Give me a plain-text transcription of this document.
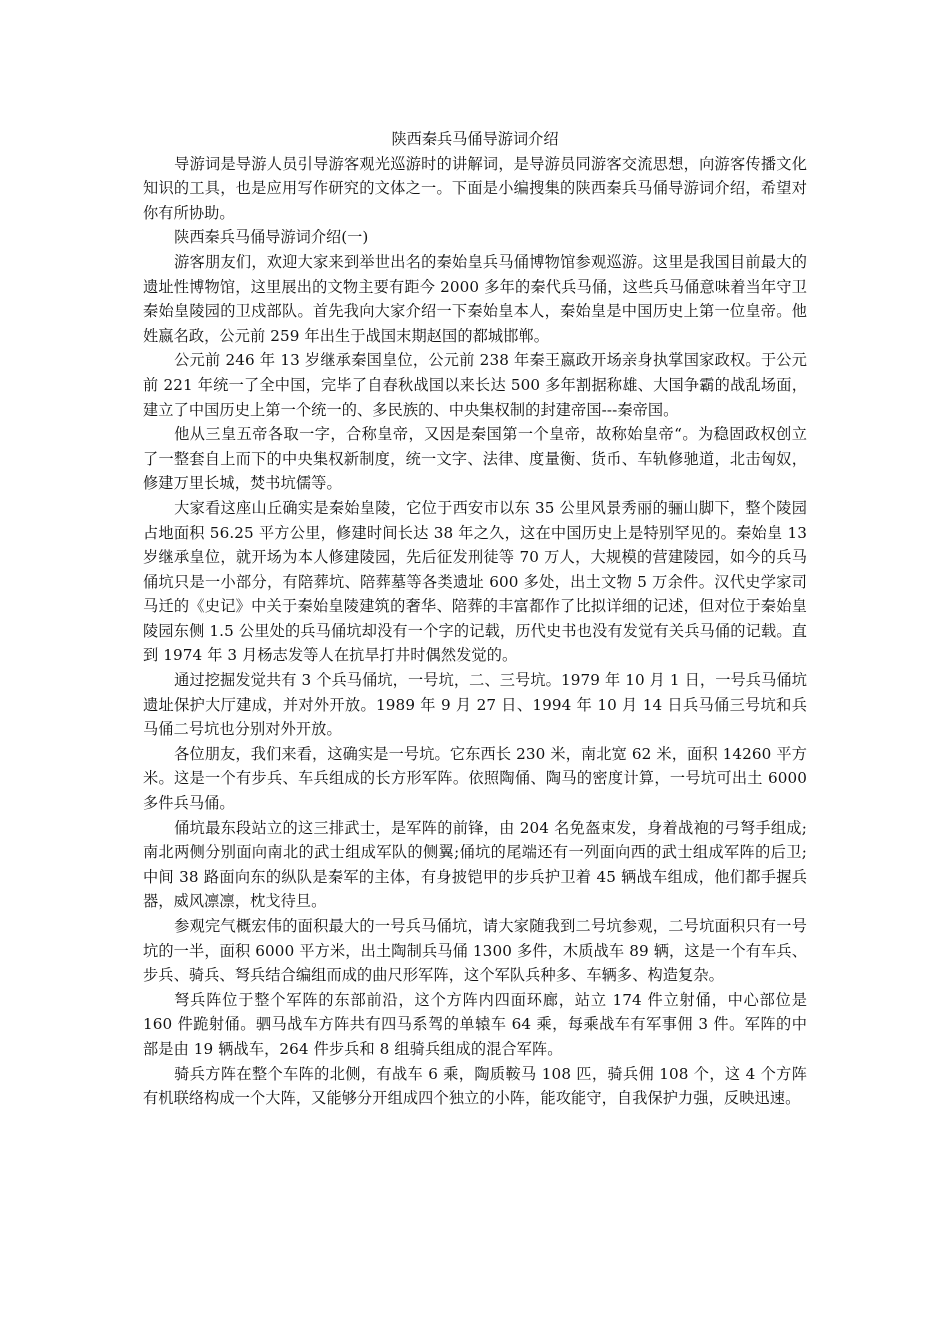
陕西秦兵马俑导游词介绍

导游词是导游人员引导游客观光巡游时的讲解词，是导游员同游客交流思想，向游客传播文化知识的工具，也是应用写作研究的文体之一。下面是小编搜集的陕西秦兵马俑导游词介绍，希望对你有所协助。

陕西秦兵马俑导游词介绍(一)

游客朋友们，欢迎大家来到举世出名的秦始皇兵马俑博物馆参观巡游。这里是我国目前最大的遗址性博物馆，这里展出的文物主要有距今 2000 多年的秦代兵马俑，这些兵马俑意味着当年守卫秦始皇陵园的卫戍部队。首先我向大家介绍一下秦始皇本人，秦始皇是中国历史上第一位皇帝。他姓嬴名政，公元前 259 年出生于战国末期赵国的都城邯郸。

公元前 246 年 13 岁继承秦国皇位，公元前 238 年秦王嬴政开场亲身执掌国家政权。于公元前 221 年统一了全中国，完毕了自春秋战国以来长达 500 多年割据称雄、大国争霸的战乱场面，建立了中国历史上第一个统一的、多民族的、中央集权制的封建帝国---秦帝国。

他从三皇五帝各取一字，合称皇帝，又因是秦国第一个皇帝，故称始皇帝“。为稳固政权创立了一整套自上而下的中央集权新制度，统一文字、法律、度量衡、货币、车轨修驰道，北击匈奴，修建万里长城，焚书坑儒等。

大家看这座山丘确实是秦始皇陵，它位于西安市以东 35 公里风景秀丽的骊山脚下，整个陵园占地面积 56.25 平方公里，修建时间长达 38 年之久，这在中国历史上是特别罕见的。秦始皇 13 岁继承皇位，就开场为本人修建陵园，先后征发刑徒等 70 万人，大规模的营建陵园，如今的兵马俑坑只是一小部分，有陪葬坑、陪葬墓等各类遗址 600 多处，出土文物 5 万余件。汉代史学家司马迁的《史记》中关于秦始皇陵建筑的奢华、陪葬的丰富都作了比拟详细的记述，但对位于秦始皇陵园东侧 1.5 公里处的兵马俑坑却没有一个字的记载，历代史书也没有发觉有关兵马俑的记载。直到 1974 年 3 月杨志发等人在抗旱打井时偶然发觉的。

通过挖掘发觉共有 3 个兵马俑坑，一号坑，二、三号坑。1979 年 10 月 1 日，一号兵马俑坑遗址保护大厅建成，并对外开放。1989 年 9 月 27 日、1994 年 10 月 14 日兵马俑三号坑和兵马俑二号坑也分别对外开放。

各位朋友，我们来看，这确实是一号坑。它东西长 230 米，南北宽 62 米，面积 14260 平方米。这是一个有步兵、车兵组成的长方形军阵。依照陶俑、陶马的密度计算，一号坑可出土 6000 多件兵马俑。

俑坑最东段站立的这三排武士，是军阵的前锋，由 204 名免盔束发，身着战袍的弓弩手组成;南北两侧分别面向南北的武士组成军队的侧翼;俑坑的尾端还有一列面向西的武士组成军阵的后卫;中间 38 路面向东的纵队是秦军的主体，有身披铠甲的步兵护卫着 45 辆战车组成，他们都手握兵器，威风凛凛，枕戈待旦。

参观完气概宏伟的面积最大的一号兵马俑坑，请大家随我到二号坑参观，二号坑面积只有一号坑的一半，面积 6000 平方米，出土陶制兵马俑 1300 多件，木质战车 89 辆，这是一个有车兵、步兵、骑兵、弩兵结合编组而成的曲尺形军阵，这个军队兵种多、车辆多、构造复杂。

弩兵阵位于整个军阵的东部前沿，这个方阵内四面环廊，站立 174 件立射俑，中心部位是 160 件跪射俑。驷马战车方阵共有四马系驾的单辕车 64 乘，每乘战车有军事佣 3 件。军阵的中部是由 19 辆战车，264 件步兵和 8 组骑兵组成的混合军阵。

骑兵方阵在整个车阵的北侧，有战车 6 乘，陶质鞍马 108 匹，骑兵佣 108 个，这 4 个方阵有机联络构成一个大阵，又能够分开组成四个独立的小阵，能攻能守，自我保护力强，反映迅速。
